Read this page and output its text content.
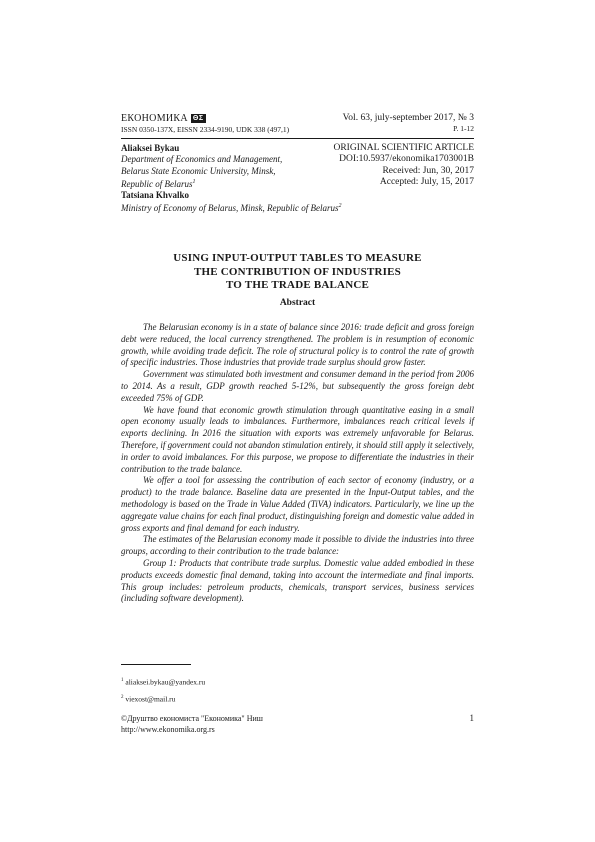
ЕКОНОМИКА ΘΣ
ISSN 0350-137X, EISSN 2334-9190, UDK 338 (497,1)
Vol. 63, july-september 2017, № 3
P. 1-12
Aliaksei Bykau
Department of Economics and Management,
Belarus State Economic University, Minsk,
Republic of Belarus$^1$
Tatsiana Khvalko
Ministry of Economy of Belarus, Minsk, Republic of Belarus$^2$
ORIGINAL SCIENTIFIC ARTICLE
DOI:10.5937/ekonomika1703001B
Received: Jun, 30, 2017
Accepted: July, 15, 2017
USING INPUT-OUTPUT TABLES TO MEASURE
THE CONTRIBUTION OF INDUSTRIES
TO THE TRADE BALANCE
Abstract

The Belarusian economy is in a state of balance since 2016: trade deficit and gross foreign debt were reduced, the local currency strengthened. The problem is in resumption of economic growth, while avoiding trade deficit. The role of structural policy is to control the rate of growth of specific industries. Those industries that provide trade surplus should grow faster.

Government was stimulated both investment and consumer demand in the period from 2006 to 2014. As a result, GDP growth reached 5-12%, but subsequently the gross foreign debt exceeded 75% of GDP.

We have found that economic growth stimulation through quantitative easing in a small open economy usually leads to imbalances. Furthermore, imbalances reach critical levels if exports declining. In 2016 the situation with exports was extremely unfavorable for Belarus. Therefore, if government could not abandon stimulation entirely, it should still apply it selectively, in order to avoid imbalances. For this purpose, we propose to differentiate the industries in their contribution to the trade balance.

We offer a tool for assessing the contribution of each sector of economy (industry, or a product) to the trade balance. Baseline data are presented in the Input-Output tables, and the methodology is based on the Trade in Value Added (TiVA) indicators. Particularly, we line up the aggregate value chains for each final product, distinguishing foreign and domestic value added in gross exports and final demand for each industry.

The estimates of the Belarusian economy made it possible to divide the industries into three groups, according to their contribution to the trade balance:

Group 1: Products that contribute trade surplus. Domestic value added embodied in these products exceeds domestic final demand, taking into account the intermediate and final imports. This group includes: petroleum products, chemicals, transport services, business services (including software development).

$^1$ aliaksei.bykau@yandex.ru
$^2$ viexost@mail.ru
©Друштво економиста "Економика" Ниш
http://www.ekonomika.org.rs
1
